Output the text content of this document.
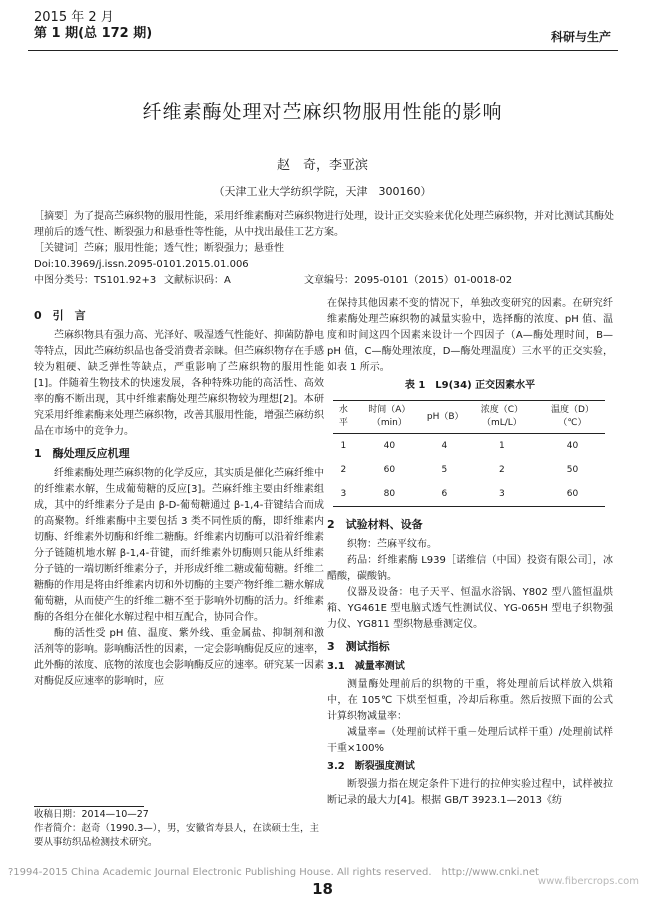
2015 年 2 月
第 1 期(总 172 期)	科研与生产
纤维素酶处理对苎麻织物服用性能的影响
赵　奇，李亚滨
（天津工业大学纺织学院，天津　300160）

［摘要］为了提高苎麻织物的服用性能，采用纤维素酶对苎麻织物进行处理，设计正交实验来优化处理苎麻织物，并对比测试其酶处理前后的透气性、断裂强力和悬垂性等性能，从中找出最佳工艺方案。

［关键词］苎麻；服用性能；透气性；断裂强力；悬垂性

Doi:10.3969/j.issn.2095-0101.2015.01.006

中图分类号：TS101.92+3 文献标识码：A	文章编号：2095-0101（2015）01-0018-02

0　引　言

苎麻织物具有强力高、光泽好、吸湿透气性能好、抑菌防静电等特点，因此苎麻纺织品也备受消费者亲睐。但苎麻织物存在手感较为粗硬、缺乏弹性等缺点，严重影响了苎麻织物的服用性能[1]。伴随着生物技术的快速发展，各种特殊功能的高活性、高效率的酶不断出现，其中纤维素酶处理苎麻织物较为理想[2]。本研究采用纤维素酶来处理苎麻织物，改善其服用性能，增强苎麻纺织品在市场中的竞争力。

1　酶处理反应机理

纤维素酶处理苎麻织物的化学反应，其实质是催化苎麻纤维中的纤维素水解，生成葡萄糖的反应[3]。苎麻纤维主要由纤维素组成，其中的纤维素分子是由 β-D-葡萄糖通过 β-1,4-苷键结合而成的高聚物。纤维素酶中主要包括 3 类不同性质的酶，即纤维素内切酶、纤维素外切酶和纤维二糖酶。纤维素内切酶可以沿着纤维素分子链随机地水解 β-1,4-苷键，而纤维素外切酶则只能从纤维素分子链的一端切断纤维素分子，并形成纤维二糖或葡萄糖。纤维二糖酶的作用是将由纤维素内切和外切酶的主要产物纤维二糖水解成葡萄糖，从而使产生的纤维二糖不至于影响外切酶的活力。纤维素酶的各组分在催化水解过程中相互配合，协同合作。

酶的活性受 pH 值、温度、紫外线、重金属盐、抑制剂和激活剂等的影响。影响酶活性的因素，一定会影响酶促反应的速率，此外酶的浓度、底物的浓度也会影响酶反应的速率。研究某一因素对酶促反应速率的影响时，应

在保持其他因素不变的情况下，单独改变研究的因素。在研究纤维素酶处理苎麻织物的减量实验中，选择酶的浓度、pH 值、温度和时间这四个因素来设计一个四因子（A—酶处理时间，B—pH 值，C—酶处理浓度，D—酶处理温度）三水平的正交实验，如表 1 所示。

表 1　L9(34) 正交因素水平
水平	时间（A）（min）	pH（B）	浓度（C）（mL/L）	温度（D）（℃）
1	40	4	1	40
2	60	5	2	50
3	80	6	3	60

2　试验材料、设备

织物：苎麻平纹布。

药品：纤维素酶 L939［诺维信（中国）投资有限公司］，冰醋酸，碳酸钠。

仪器及设备：电子天平、恒温水浴锅、Y802 型八篮恒温烘箱、YG461E 型电脑式透气性测试仪、YG-065H 型电子织物强力仪、YG811 型织物悬垂测定仪。

3　测试指标

3.1　减量率测试

测量酶处理前后的织物的干重，将处理前后试样放入烘箱中，在 105℃ 下烘至恒重，冷却后称重。然后按照下面的公式计算织物减量率：

减量率=（处理前试样干重－处理后试样干重）/处理前试样干重×100%

3.2　断裂强度测试

断裂强力指在规定条件下进行的拉伸实验过程中，试样被拉断记录的最大力[4]。根据 GB/T 3923.1—2013《纺

收稿日期：2014—10—27
作者简介：赵奇（1990.3—），男，安徽省寿县人，在读硕士生，主要从事纺织品检测技术研究。
?1994-2015 China Academic Journal Electronic Publishing House. All rights reserved.　http://www.cnki.net
18	www.fibercrops.com
